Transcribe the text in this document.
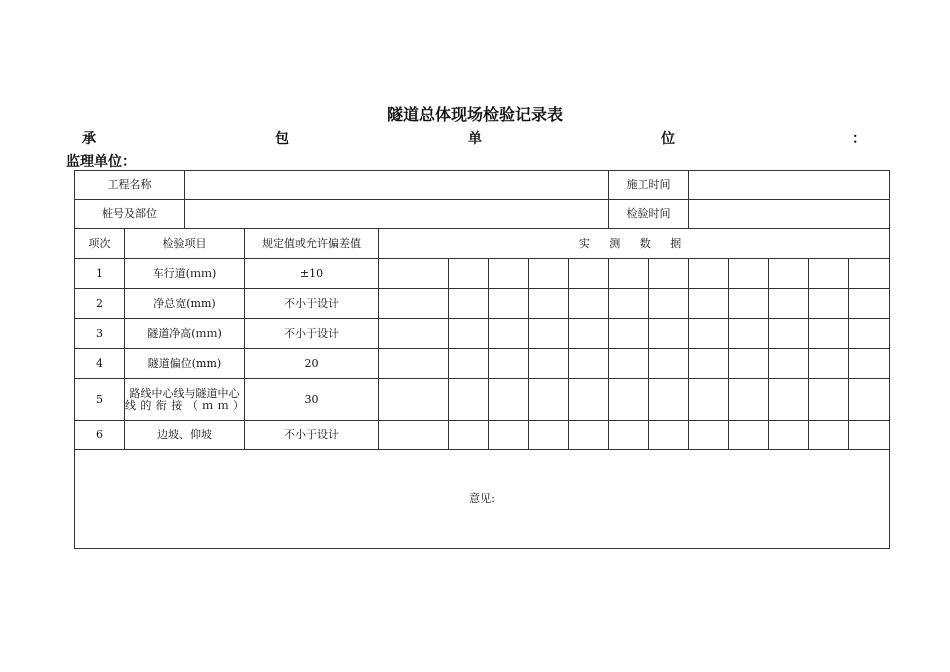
隧道总体现场检验记录表
承	包	单	位	：
监理单位：
工程名称									施工时间						
桩号及部位									检验时间						
项次	检验项目		规定值或允许偏差值	实 测 数 据											
1	车行道(ｍｍ)		±10												
2	净总宽(mm)		不小于设计												
3	隧道净高(ｍｍ)		不小于设计												
4	隧道偏位(mm)		20												
5	路线中心线与隧道中心线的衔接（ｍｍ）		30												
6	边坡、仰坡		不小于设计												
意见:															
